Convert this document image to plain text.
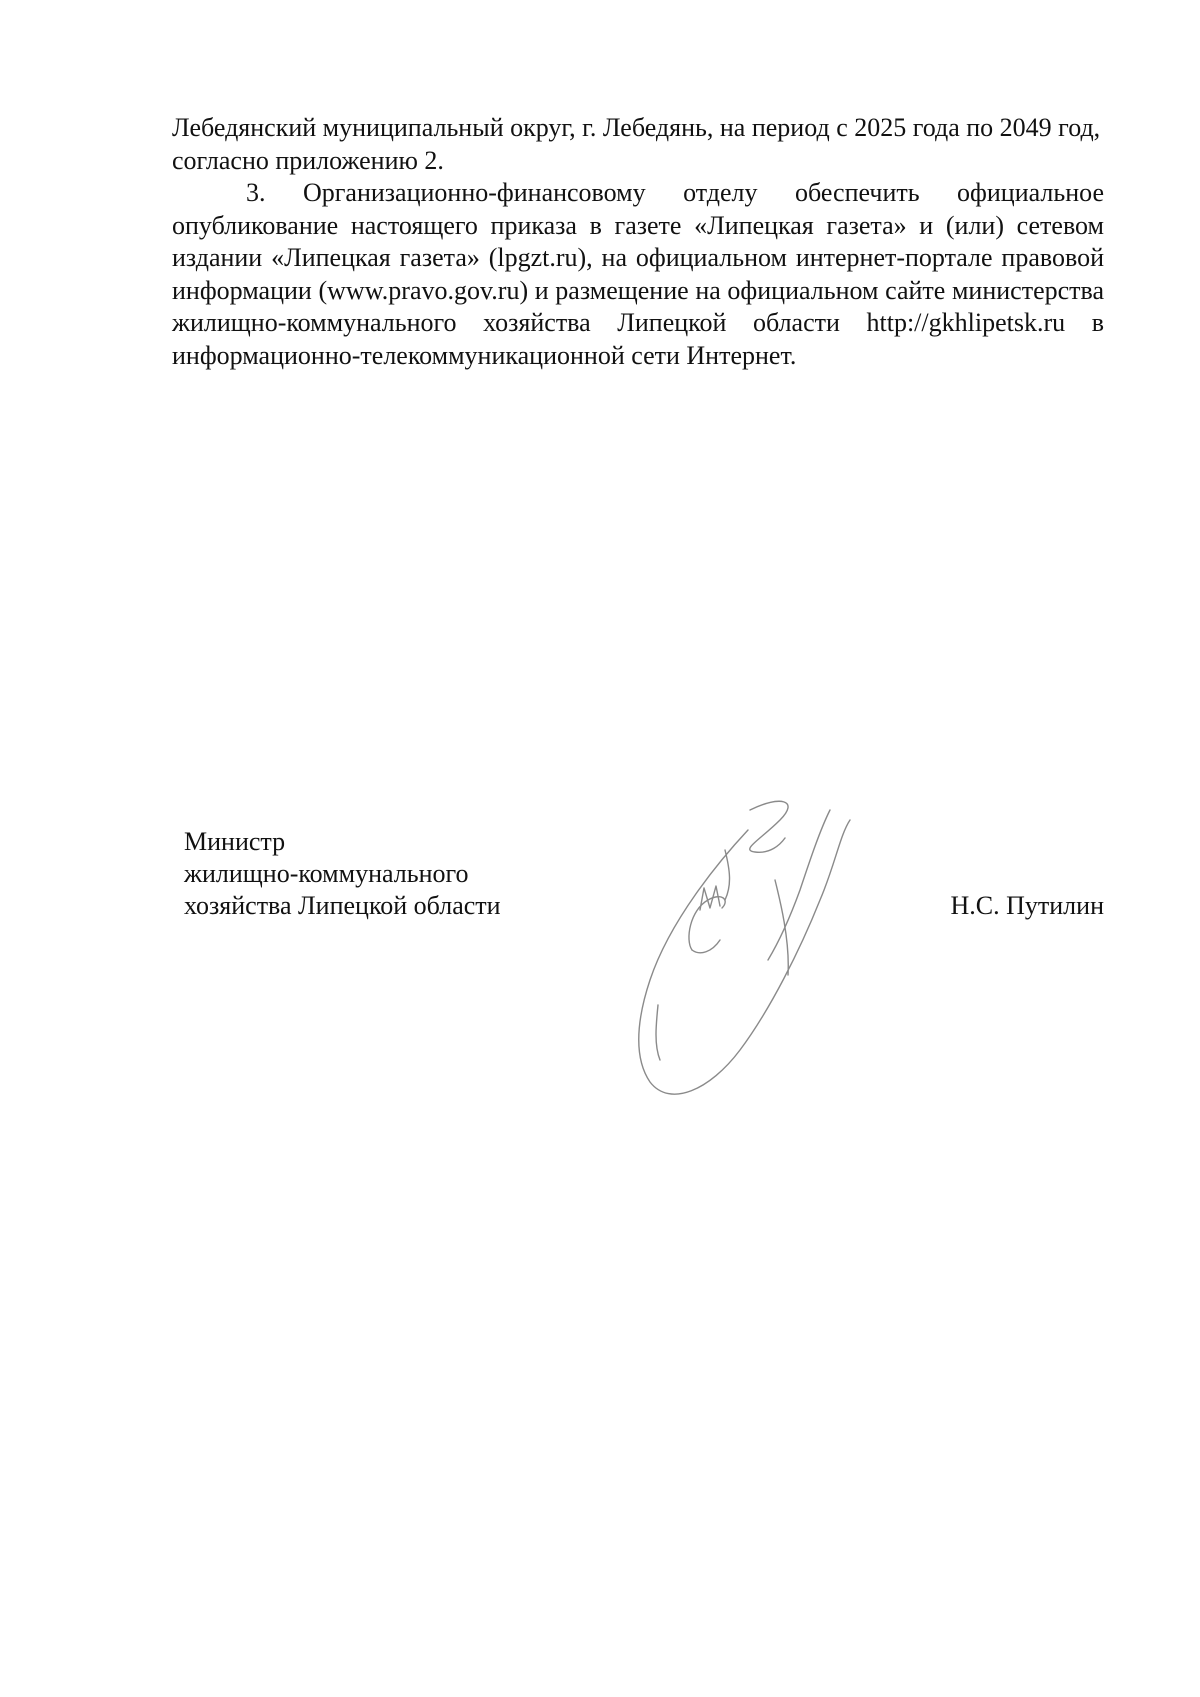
Лебедянский муниципальный округ, г. Лебедянь, на период с 2025 года по 2049 год, согласно приложению 2.

3. Организационно-финансовому отделу обеспечить официальное опубликование настоящего приказа в газете «Липецкая газета» и (или) сетевом издании «Липецкая газета» (lpgzt.ru), на официальном интернет-портале правовой информации (www.pravo.gov.ru) и размещение на официальном сайте министерства жилищно-коммунального хозяйства Липецкой области http://gkhlipetsk.ru в информационно-телекоммуникационной сети Интернет.

Министр
жилищно-коммунального
хозяйства Липецкой области	Н.С. Путилин
